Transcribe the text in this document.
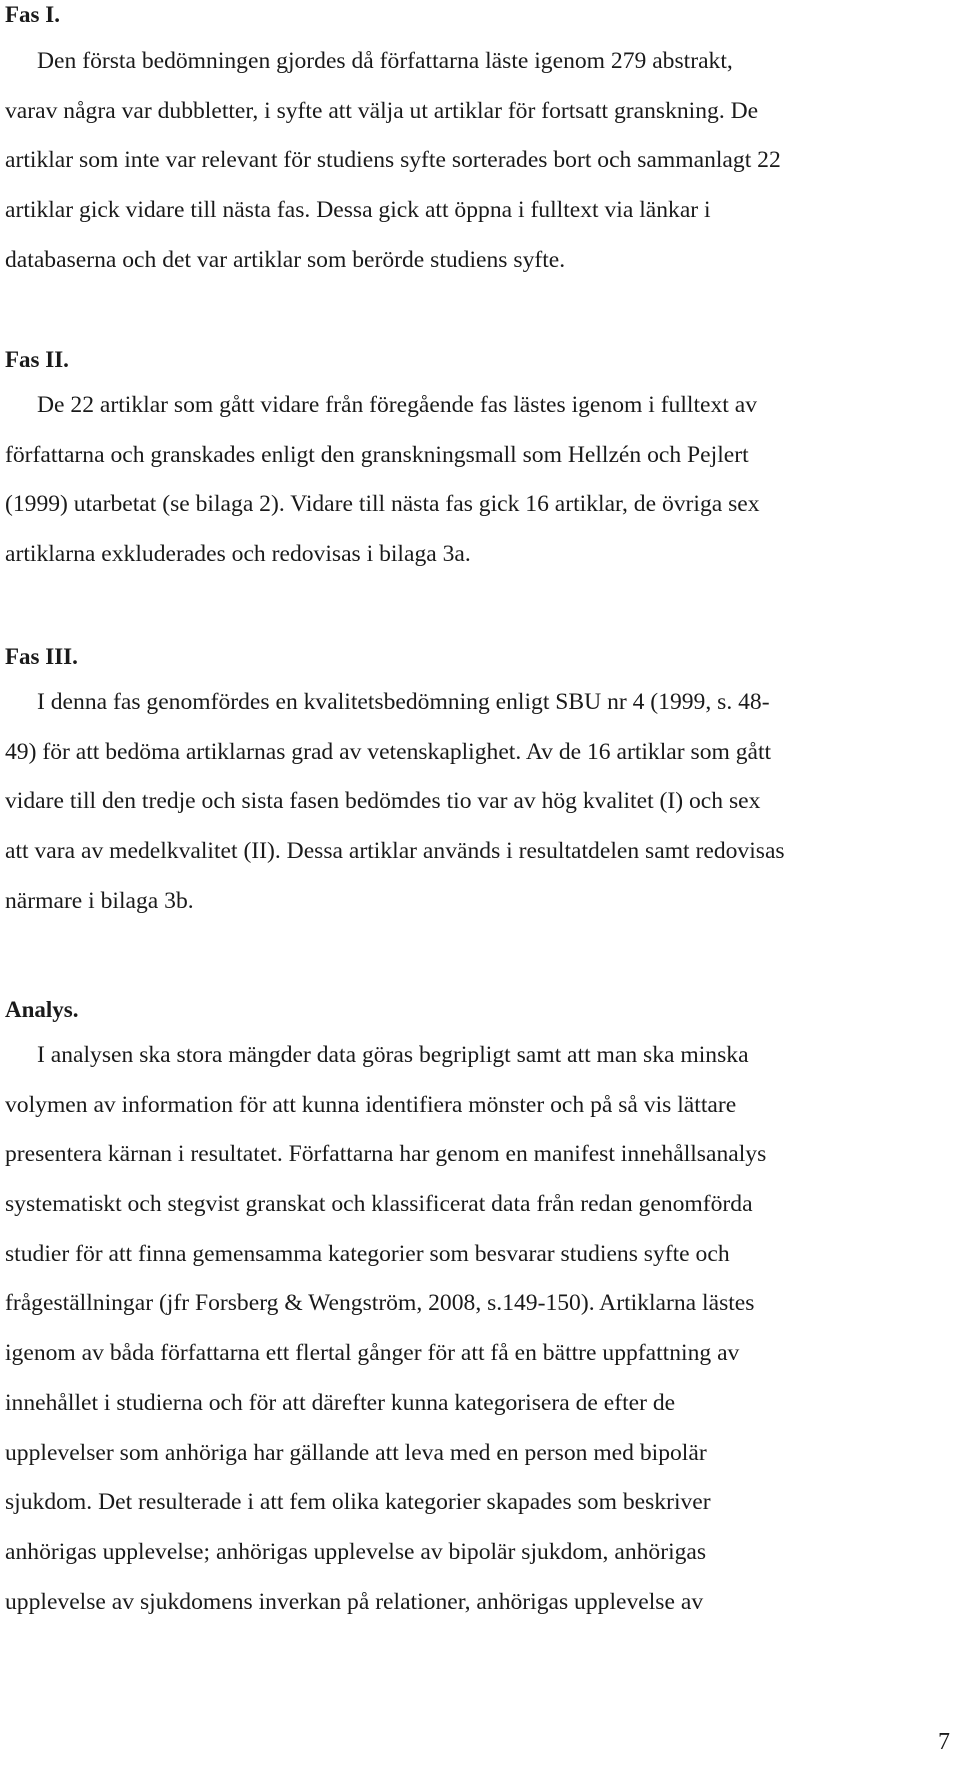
Fas I.
Den första bedömningen gjordes då författarna läste igenom 279 abstrakt,
varav några var dubbletter, i syfte att välja ut artiklar för fortsatt granskning. De
artiklar som inte var relevant för studiens syfte sorterades bort och sammanlagt 22
artiklar gick vidare till nästa fas. Dessa gick att öppna i fulltext via länkar i
databaserna och det var artiklar som berörde studiens syfte.
Fas II.
De 22 artiklar som gått vidare från föregående fas lästes igenom i fulltext av
författarna och granskades enligt den granskningsmall som Hellzén och Pejlert
(1999) utarbetat (se bilaga 2). Vidare till nästa fas gick 16 artiklar, de övriga sex
artiklarna exkluderades och redovisas i bilaga 3a.
Fas III.
I denna fas genomfördes en kvalitetsbedömning enligt SBU nr 4 (1999, s. 48-
49) för att bedöma artiklarnas grad av vetenskaplighet. Av de 16 artiklar som gått
vidare till den tredje och sista fasen bedömdes tio var av hög kvalitet (I) och sex
att vara av medelkvalitet (II). Dessa artiklar används i resultatdelen samt redovisas
närmare i bilaga 3b.
Analys.
I analysen ska stora mängder data göras begripligt samt att man ska minska
volymen av information för att kunna identifiera mönster och på så vis lättare
presentera kärnan i resultatet. Författarna har genom en manifest innehållsanalys
systematiskt och stegvist granskat och klassificerat data från redan genomförda
studier för att finna gemensamma kategorier som besvarar studiens syfte och
frågeställningar (jfr Forsberg & Wengström, 2008, s.149-150). Artiklarna lästes
igenom av båda författarna ett flertal gånger för att få en bättre uppfattning av
innehållet i studierna och för att därefter kunna kategorisera de efter de
upplevelser som anhöriga har gällande att leva med en person med bipolär
sjukdom. Det resulterade i att fem olika kategorier skapades som beskriver
anhörigas upplevelse; anhörigas upplevelse av bipolär sjukdom, anhörigas
upplevelse av sjukdomens inverkan på relationer, anhörigas upplevelse av
7
